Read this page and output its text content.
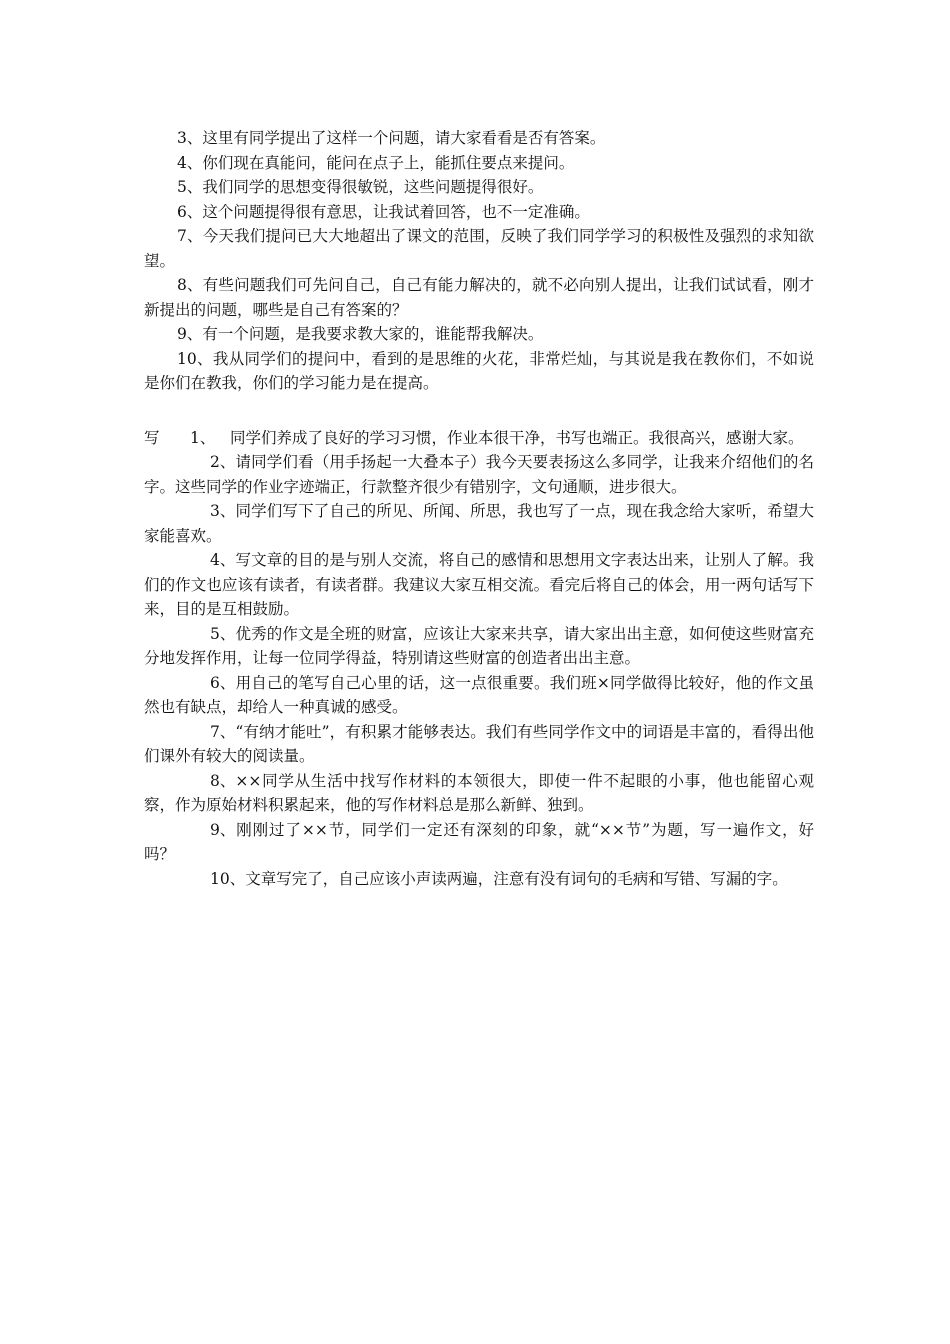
3、这里有同学提出了这样一个问题，请大家看看是否有答案。

4、你们现在真能问，能问在点子上，能抓住要点来提问。

5、我们同学的思想变得很敏锐，这些问题提得很好。

6、这个问题提得很有意思，让我试着回答，也不一定准确。

7、今天我们提问已大大地超出了课文的范围，反映了我们同学学习的积极性及强烈的求知欲望。

8、有些问题我们可先问自己，自己有能力解决的，就不必向别人提出，让我们试试看，刚才新提出的问题，哪些是自己有答案的？

9、有一个问题，是我要求教大家的，谁能帮我解决。

10、我从同学们的提问中，看到的是思维的火花，非常烂灿，与其说是我在教你们，不如说是你们在教我，你们的学习能力是在提高。

写 1、 同学们养成了良好的学习习惯，作业本很干净，书写也端正。我很高兴，感谢大家。

2、请同学们看（用手扬起一大叠本子）我今天要表扬这么多同学，让我来介绍他们的名字。这些同学的作业字迹端正，行款整齐很少有错别字，文句通顺，进步很大。

3、同学们写下了自己的所见、所闻、所思，我也写了一点，现在我念给大家听，希望大家能喜欢。

4、写文章的目的是与别人交流，将自己的感情和思想用文字表达出来，让别人了解。我们的作文也应该有读者，有读者群。我建议大家互相交流。看完后将自己的体会，用一两句话写下来，目的是互相鼓励。

5、优秀的作文是全班的财富，应该让大家来共享，请大家出出主意，如何使这些财富充分地发挥作用，让每一位同学得益，特别请这些财富的创造者出出主意。

6、用自己的笔写自己心里的话，这一点很重要。我们班×同学做得比较好，他的作文虽然也有缺点，却给人一种真诚的感受。

7、“有纳才能吐”，有积累才能够表达。我们有些同学作文中的词语是丰富的，看得出他们课外有较大的阅读量。

8、××同学从生活中找写作材料的本领很大，即使一件不起眼的小事，他也能留心观察，作为原始材料积累起来，他的写作材料总是那么新鲜、独到。

9、刚刚过了××节，同学们一定还有深刻的印象，就“××节”为题，写一遍作文，好吗？

10、文章写完了，自己应该小声读两遍，注意有没有词句的毛病和写错、写漏的字。
